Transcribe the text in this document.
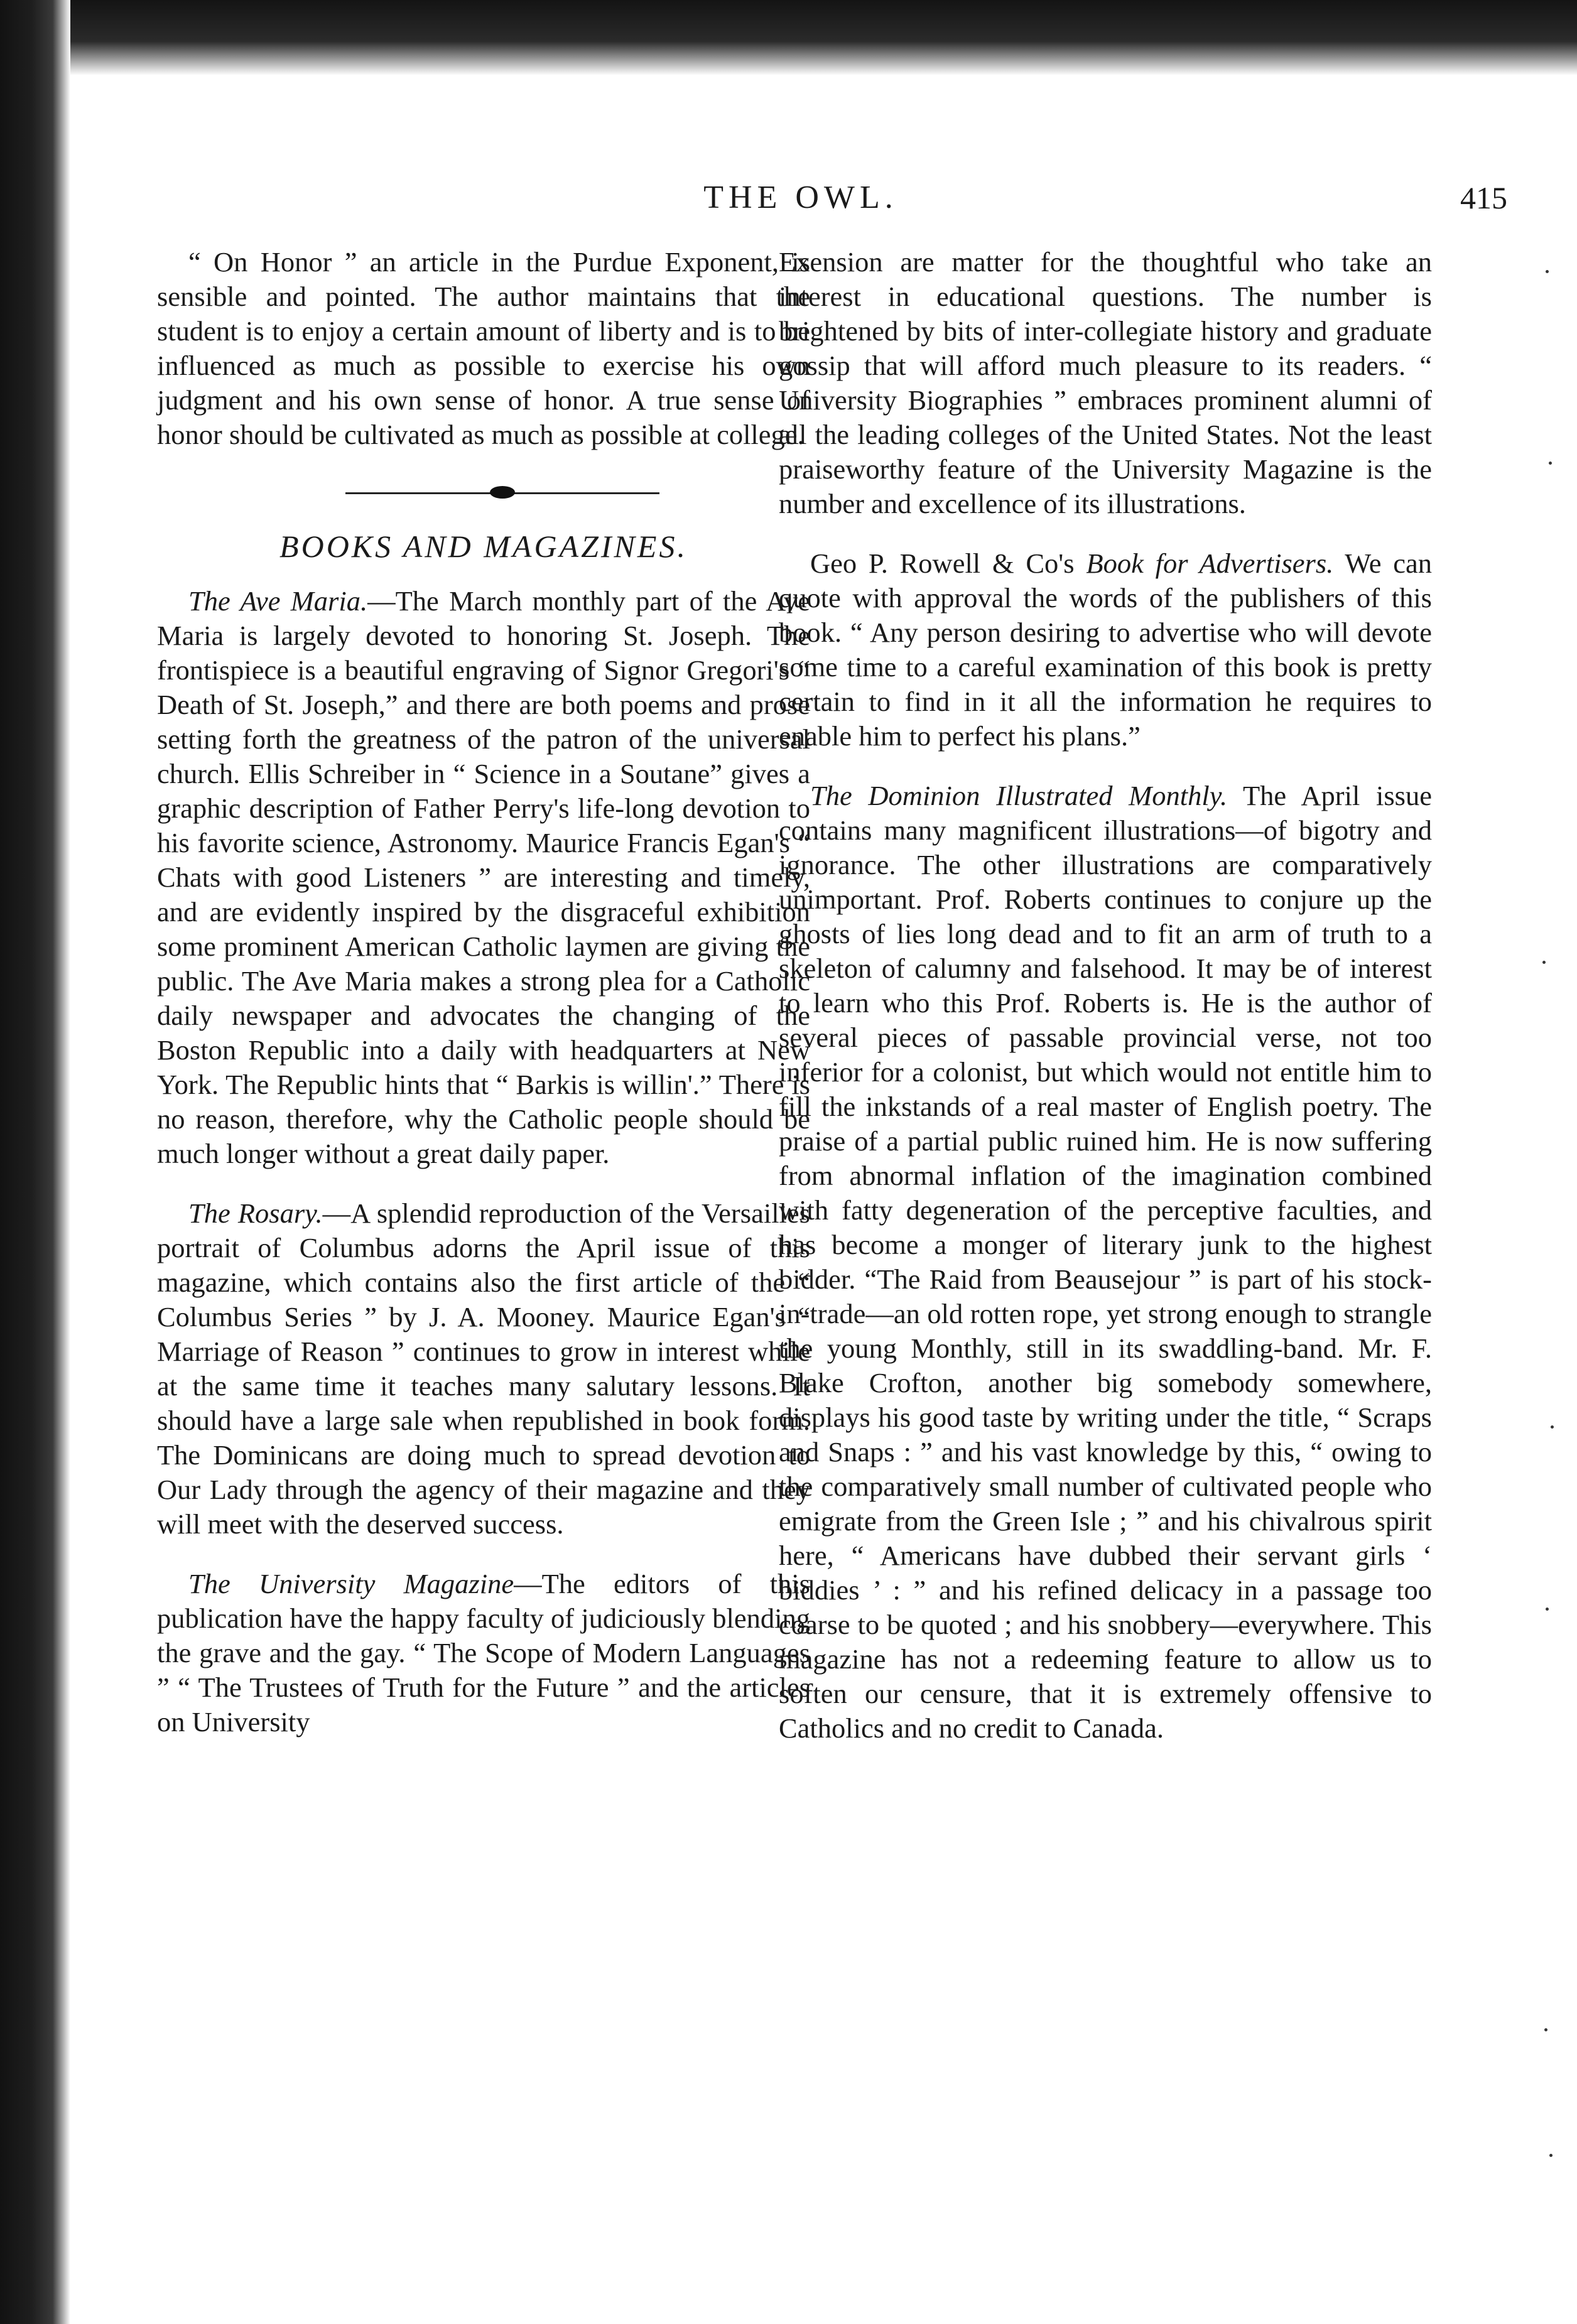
THE OWL.	415

“ On Honor ” an article in the Purdue Exponent, is sensible and pointed. The author maintains that the student is to enjoy a certain amount of liberty and is to be influenced as much as possible to exercise his own judgment and his own sense of honor. A true sense of honor should be cultivated as much as possible at college.

BOOKS AND MAGAZINES.

The Ave Maria.—The March monthly part of the Ave Maria is largely devoted to honoring St. Joseph. The frontispiece is a beautiful engraving of Signor Gregori's “ Death of St. Joseph,” and there are both poems and prose setting forth the greatness of the patron of the universal church. Ellis Schreiber in “ Science in a Soutane” gives a graphic description of Father Perry's life-long devotion to his favorite science, Astronomy. Maurice Francis Egan's “ Chats with good Listeners ” are interesting and timely, and are evidently inspired by the disgraceful exhibition some prominent American Catholic laymen are giving the public. The Ave Maria makes a strong plea for a Catholic daily newspaper and advocates the changing of the Boston Republic into a daily with headquarters at New York. The Republic hints that “ Barkis is willin'.” There is no reason, therefore, why the Catholic people should be much longer without a great daily paper.

The Rosary.—A splendid reproduction of the Versailles portrait of Columbus adorns the April issue of this magazine, which contains also the first article of the “ Columbus Series ” by J. A. Mooney. Maurice Egan's “ Marriage of Reason ” continues to grow in interest while at the same time it teaches many salutary lessons. It should have a large sale when republished in book form. The Dominicans are doing much to spread devotion to Our Lady through the agency of their magazine and they will meet with the deserved success.

The University Magazine—The editors of this publication have the happy faculty of judiciously blending the grave and the gay. “ The Scope of Modern Languages ” “ The Trustees of Truth for the Future ” and the articles on University

Exension are matter for the thoughtful who take an interest in educational questions. The number is brightened by bits of inter-collegiate history and graduate gossip that will afford much pleasure to its readers. “ University Biographies ” embraces prominent alumni of all the leading colleges of the United States. Not the least praiseworthy feature of the University Magazine is the number and excellence of its illustrations.

Geo P. Rowell & Co's Book for Advertisers. We can quote with approval the words of the publishers of this book. “ Any person desiring to advertise who will devote some time to a careful examination of this book is pretty certain to find in it all the information he requires to enable him to perfect his plans.”

The Dominion Illustrated Monthly. The April issue contains many magnificent illustrations—of bigotry and ignorance. The other illustrations are comparatively unimportant. Prof. Roberts continues to conjure up the ghosts of lies long dead and to fit an arm of truth to a skeleton of calumny and falsehood. It may be of interest to learn who this Prof. Roberts is. He is the author of several pieces of passable provincial verse, not too inferior for a colonist, but which would not entitle him to fill the inkstands of a real master of English poetry. The praise of a partial public ruined him. He is now suffering from abnormal inflation of the imagination combined with fatty degeneration of the perceptive faculties, and has become a monger of literary junk to the highest bidder. “The Raid from Beausejour ” is part of his stock-in-trade—an old rotten rope, yet strong enough to strangle the young Monthly, still in its swaddling-band. Mr. F. Blake Crofton, another big somebody somewhere, displays his good taste by writing under the title, “ Scraps and Snaps : ” and his vast knowledge by this, “ owing to the comparatively small number of cultivated people who emigrate from the Green Isle ; ” and his chivalrous spirit here, “ Americans have dubbed their servant girls ‘ biddies ’ : ” and his refined delicacy in a passage too coarse to be quoted ; and his snobbery—everywhere. This magazine has not a redeeming feature to allow us to soften our censure, that it is extremely offensive to Catholics and no credit to Canada.
